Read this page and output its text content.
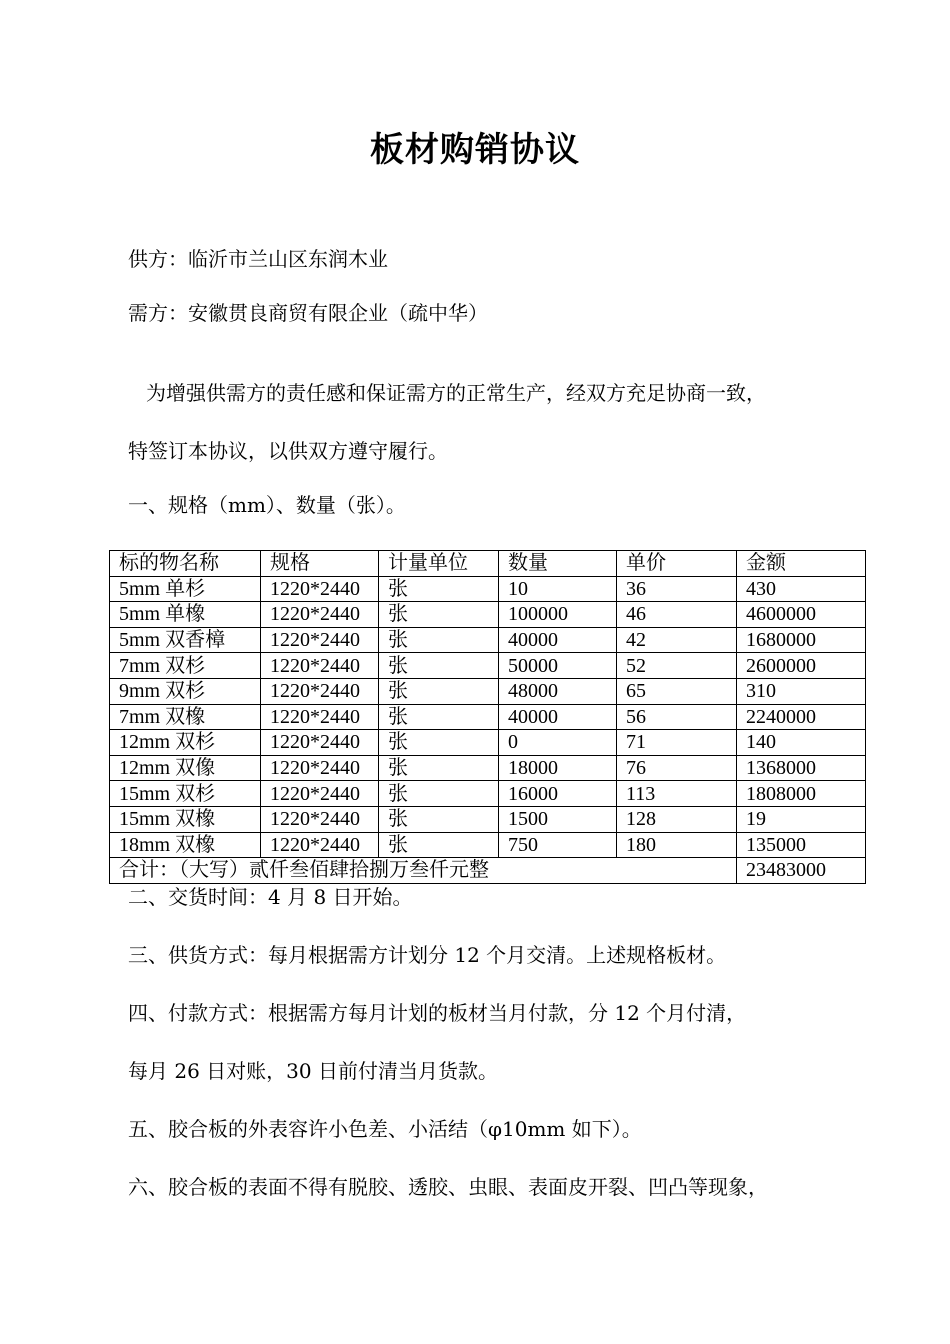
板材购销协议
供方：临沂市兰山区东润木业
需方：安徽贯良商贸有限企业（疏中华）
为增强供需方的责任感和保证需方的正常生产，经双方充足协商一致，
特签订本协议，以供双方遵守履行。
一、规格（mm）、数量（张）。
标的物名称	规格	计量单位	数量	单价	金额
5mm 单杉	1220*2440	张	10	36	430
5mm 单橡	1220*2440	张	100000	46	4600000
5mm 双香樟	1220*2440	张	40000	42	1680000
7mm 双杉	1220*2440	张	50000	52	2600000
9mm 双杉	1220*2440	张	48000	65	310
7mm 双橡	1220*2440	张	40000	56	2240000
12mm 双杉	1220*2440	张	0	71	140
12mm 双像	1220*2440	张	18000	76	1368000
15mm 双杉	1220*2440	张	16000	113	1808000
15mm 双橡	1220*2440	张	1500	128	19
18mm 双橡	1220*2440	张	750	180	135000
合计：（大写）贰仟叁佰肆拾捌万叁仟元整					23483000
二、交货时间：4 月 8 日开始。
三、供货方式：每月根据需方计划分 12 个月交清。上述规格板材。
四、付款方式：根据需方每月计划的板材当月付款，分 12 个月付清，
每月 26 日对账，30 日前付清当月货款。
五、胶合板的外表容许小色差、小活结（φ10mm 如下）。
六、胶合板的表面不得有脱胶、透胶、虫眼、表面皮开裂、凹凸等现象，
